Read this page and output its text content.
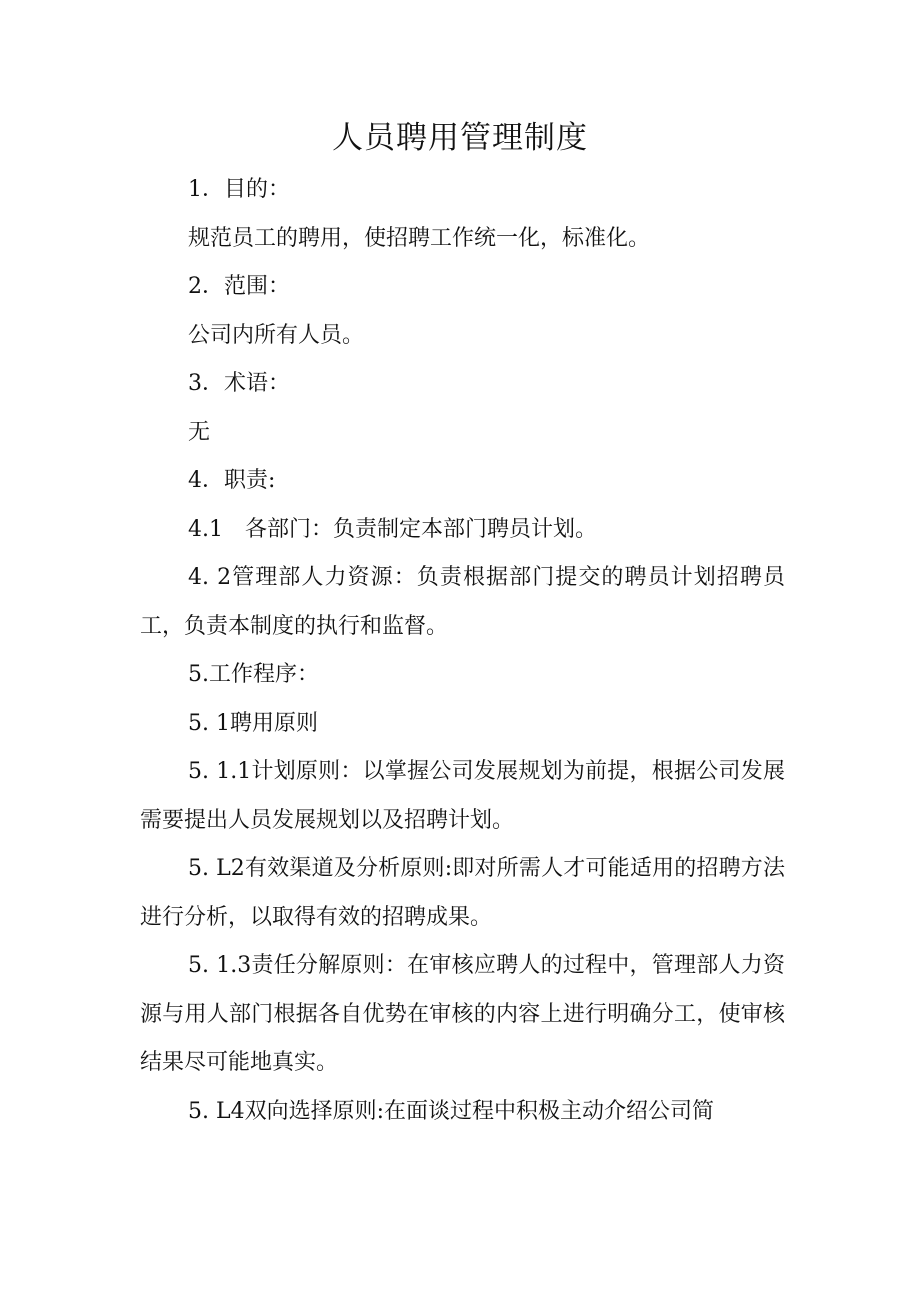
人员聘用管理制度

1．目的：

规范员工的聘用，使招聘工作统一化，标准化。

2．范围：

公司内所有人员。

3．术语：

无

4．职责:

4.1　各部门：负责制定本部门聘员计划。

4. 2管理部人力资源：负责根据部门提交的聘员计划招聘员工，负责本制度的执行和监督。

5.工作程序：

5. 1聘用原则

5. 1.1计划原则：以掌握公司发展规划为前提，根据公司发展需要提出人员发展规划以及招聘计划。

5. L2有效渠道及分析原则:即对所需人才可能适用的招聘方法进行分析，以取得有效的招聘成果。

5. 1.3责任分解原则：在审核应聘人的过程中，管理部人力资源与用人部门根据各自优势在审核的内容上进行明确分工，使审核结果尽可能地真实。

5. L4双向选择原则:在面谈过程中积极主动介绍公司简
